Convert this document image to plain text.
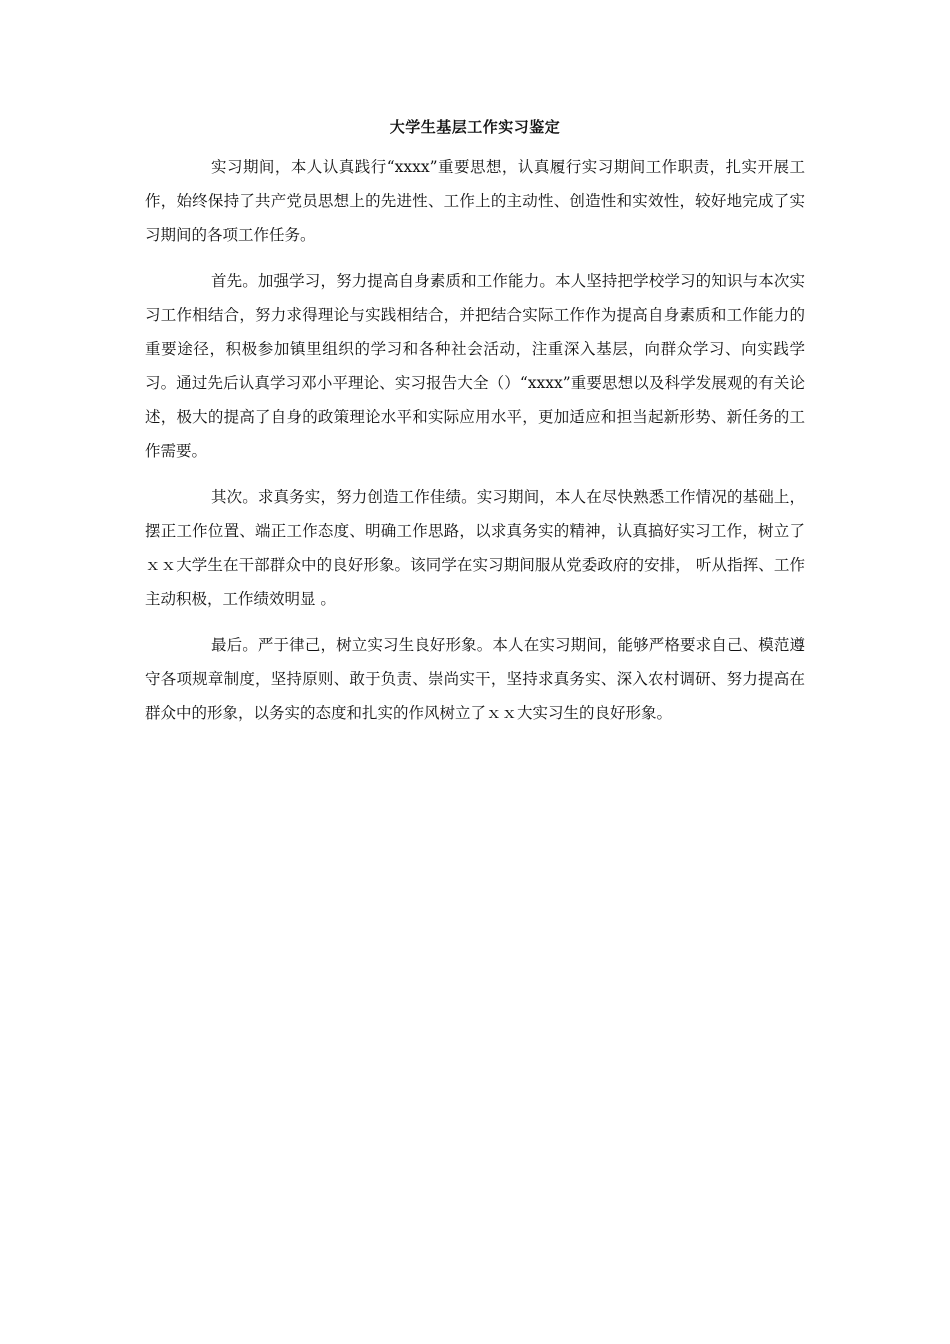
大学生基层工作实习鉴定

实习期间，本人认真践行“xxxx”重要思想，认真履行实习期间工作职责，扎实开展工作，始终保持了共产党员思想上的先进性、工作上的主动性、创造性和实效性，较好地完成了实习期间的各项工作任务。

首先。加强学习，努力提高自身素质和工作能力。本人坚持把学校学习的知识与本次实习工作相结合，努力求得理论与实践相结合，并把结合实际工作作为提高自身素质和工作能力的重要途径，积极参加镇里组织的学习和各种社会活动，注重深入基层，向群众学习、向实践学习。通过先后认真学习邓小平理论、实习报告大全（）“xxxx”重要思想以及科学发展观的有关论述，极大的提高了自身的政策理论水平和实际应用水平，更加适应和担当起新形势、新任务的工作需要。

其次。求真务实，努力创造工作佳绩。实习期间，本人在尽快熟悉工作情况的基础上，摆正工作位置、端正工作态度、明确工作思路，以求真务实的精神，认真搞好实习工作，树立了ｘｘ大学生在干部群众中的良好形象。该同学在实习期间服从党委政府的安排， 听从指挥、工作主动积极，工作绩效明显 。

最后。严于律己，树立实习生良好形象。本人在实习期间，能够严格要求自己、模范遵守各项规章制度，坚持原则、敢于负责、崇尚实干，坚持求真务实、深入农村调研、努力提高在群众中的形象，以务实的态度和扎实的作风树立了ｘｘ大实习生的良好形象。
